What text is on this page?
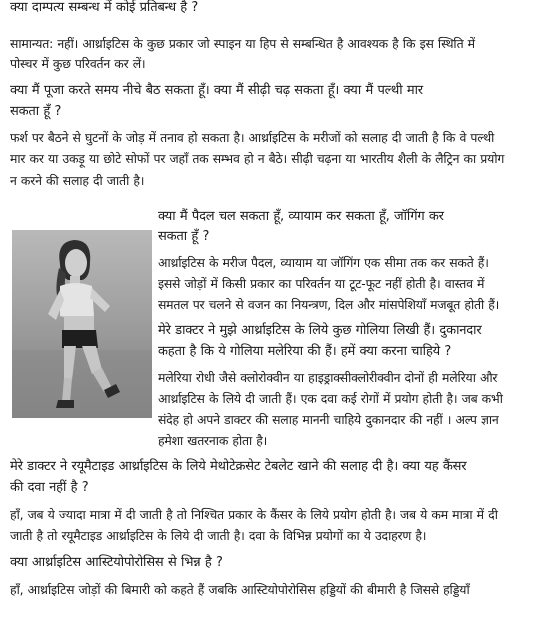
क्या दाम्पत्य सम्बन्ध में कोई प्रतिबन्ध है ?

सामान्यत: नहीं। आर्थ्राइटिस के कुछ प्रकार जो स्पाइन या हिप से सम्बन्धित है आवश्यक है कि इस स्थिति में

पोस्चर में कुछ परिवर्तन कर लें।

क्या मैं पूजा करते समय नीचे बैठ सकता हूँ। क्या मैं सीढ़ी चढ़ सकता हूँ। क्या मैं पल्थी मार

सकता हूँ ?

फर्श पर बैठने से घुटनों के जोड़ में तनाव हो सकता है। आर्थ्राइटिस के मरीजों को सलाह दी जाती है कि वे पल्थी

मार कर या उकड़ू या छोटे सोफों पर जहाँ तक सम्भव हो न बैठे। सीढ़ी चढ़ना या भारतीय शैली के लैट्रिन का प्रयोग

न करने की सलाह दी जाती है।

क्या मैं पैदल चल सकता हूँ, व्यायाम कर सकता हूँ, जॉगिंग कर

सकता हूँ ?

आर्थ्राइटिस के मरीज पैदल, व्यायाम या जॉगिंग एक सीमा तक कर सकते हैं।

इससे जोड़ों में किसी प्रकार का परिवर्तन या टूट-फूट नहीं होती है। वास्तव में

समतल पर चलने से वजन का नियन्त्रण, दिल और मांसपेशियाँ मजबूत होती हैं।

मेरे डाक्टर ने मुझे आर्थ्राइटिस के लिये कुछ गोलिया लिखी हैं। दुकानदार

कहता है कि ये गोलिया मलेरिया की हैं। हमें क्या करना चाहिये ?

मलेरिया रोधी जैसे क्लोरोक्वीन या हाइड्राक्सीक्लोरीक्वीन दोनों ही मलेरिया और

आर्थ्राइटिस के लिये दी जाती हैं। एक दवा कई रोगों में प्रयोग होती है। जब कभी

संदेह हो अपने डाक्टर की सलाह माननी चाहिये दुकानदार की नहीं । अल्प ज्ञान

हमेशा खतरनाक होता है।

मेरे डाक्टर ने रयूमैटाइड आर्थ्राइटिस के लिये मेथोटेक्रसेट टेबलेट खाने की सलाह दी है। क्या यह कैंसर

की दवा नहीं है ?

हाँ, जब ये ज्यादा मात्रा में दी जाती है तो निश्चित प्रकार के कैंसर के लिये प्रयोग होती है। जब ये कम मात्रा में दी

जाती है तो रयूमैटाइड आर्थ्राइटिस के लिये दी जाती है। दवा के विभिन्न प्रयोगों का ये उदाहरण है।

क्या आर्थ्राइटिस आस्टियोपोरोसिस से भिन्न है ?

हाँ, आर्थ्राइटिस जोड़ों की बिमारी को कहते हैं जबकि आस्टियोपोरोसिस हड्डियों की बीमारी है जिससे हड्डियाँ
